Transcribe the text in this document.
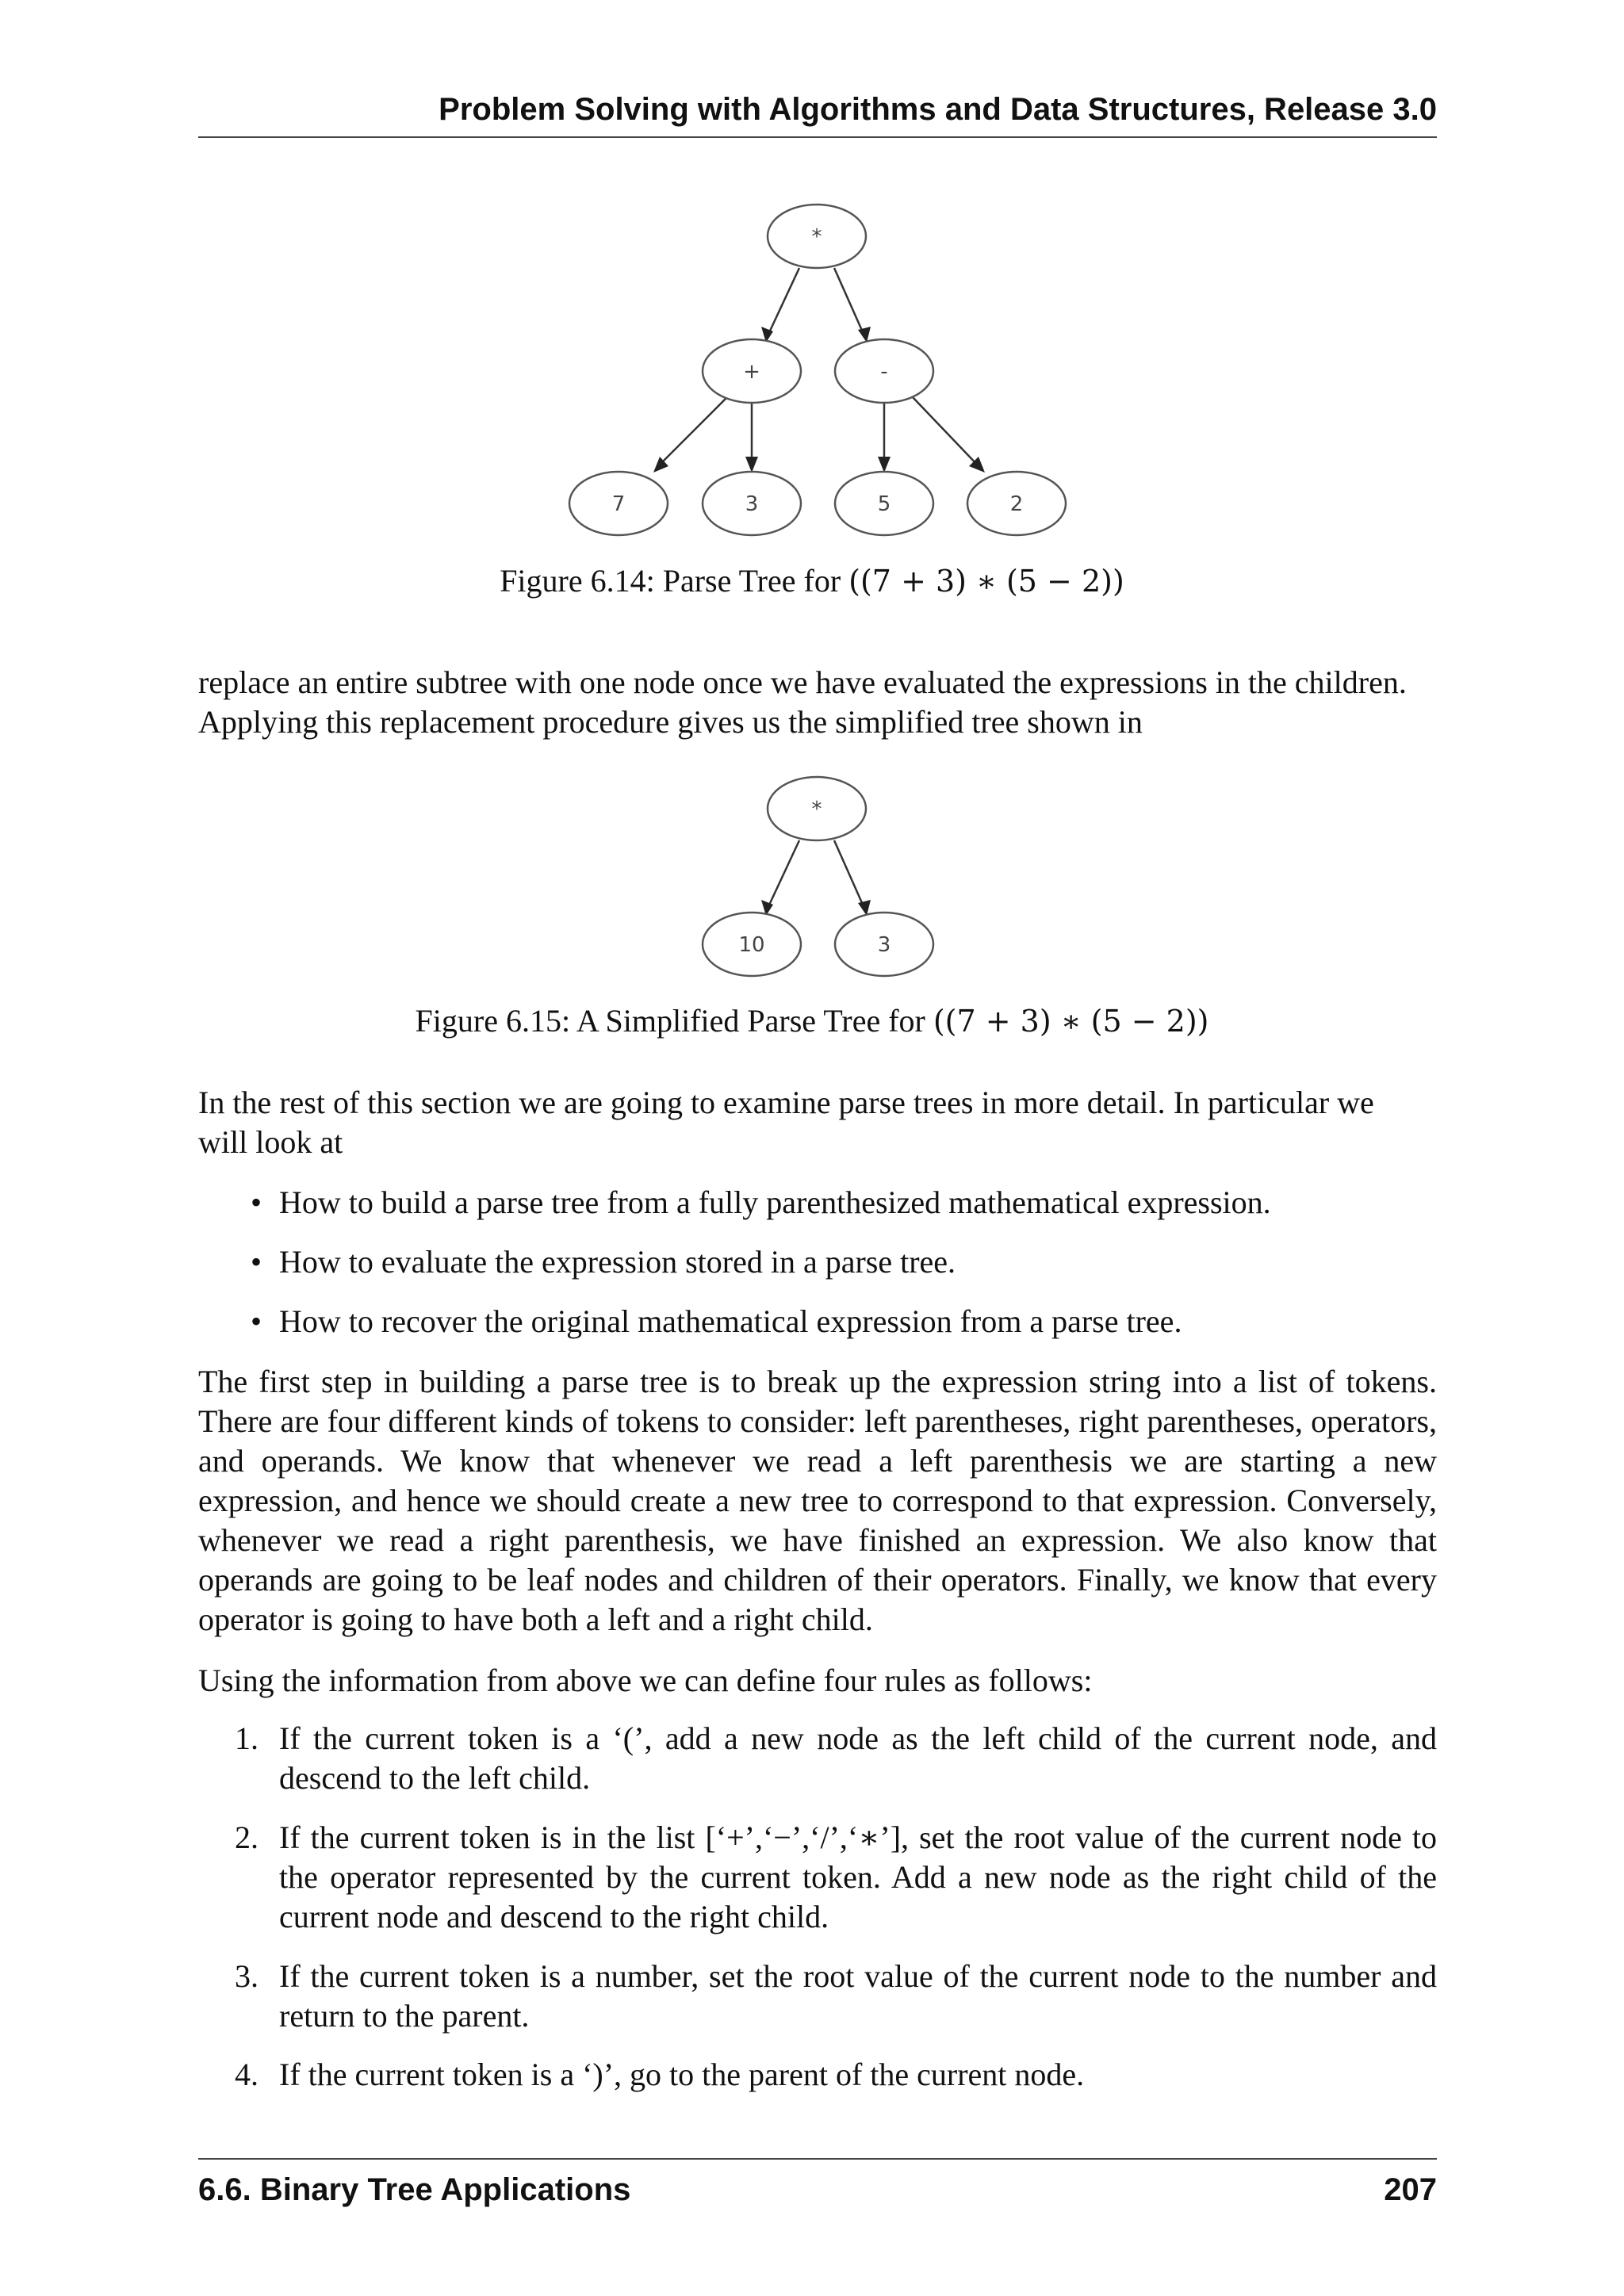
Problem Solving with Algorithms and Data Structures, Release 3.0
*
+	-
7	3	5	2
Figure 6.14: Parse Tree for ((7 + 3) ∗ (5 − 2))

replace an entire subtree with one node once we have evaluated the expressions in the children.

Applying this replacement procedure gives us the simplified tree shown in

*
10	3
Figure 6.15: A Simplified Parse Tree for ((7 + 3) ∗ (5 − 2))

In the rest of this section we are going to examine parse trees in more detail. In particular we

will look at

• How to build a parse tree from a fully parenthesized mathematical expression.
• How to evaluate the expression stored in a parse tree.
• How to recover the original mathematical expression from a parse tree.

The first step in building a parse tree is to break up the expression string into a list of tokens. There are four different kinds of tokens to consider: left parentheses, right parentheses, operators, and operands. We know that whenever we read a left parenthesis we are starting a new expression, and hence we should create a new tree to correspond to that expression. Conversely, whenever we read a right parenthesis, we have finished an expression. We also know that operands are going to be leaf nodes and children of their operators. Finally, we know that every operator is going to have both a left and a right child.

Using the information from above we can define four rules as follows:

1. If the current token is a ‘(’, add a new node as the left child of the current node, and descend to the left child.
2. If the current token is in the list [‘+’,‘−’,‘/’,‘∗’], set the root value of the current node to the operator represented by the current token. Add a new node as the right child of the current node and descend to the right child.
3. If the current token is a number, set the root value of the current node to the number and return to the parent.
4. If the current token is a ‘)’, go to the parent of the current node.
6.6. Binary Tree Applications	207
